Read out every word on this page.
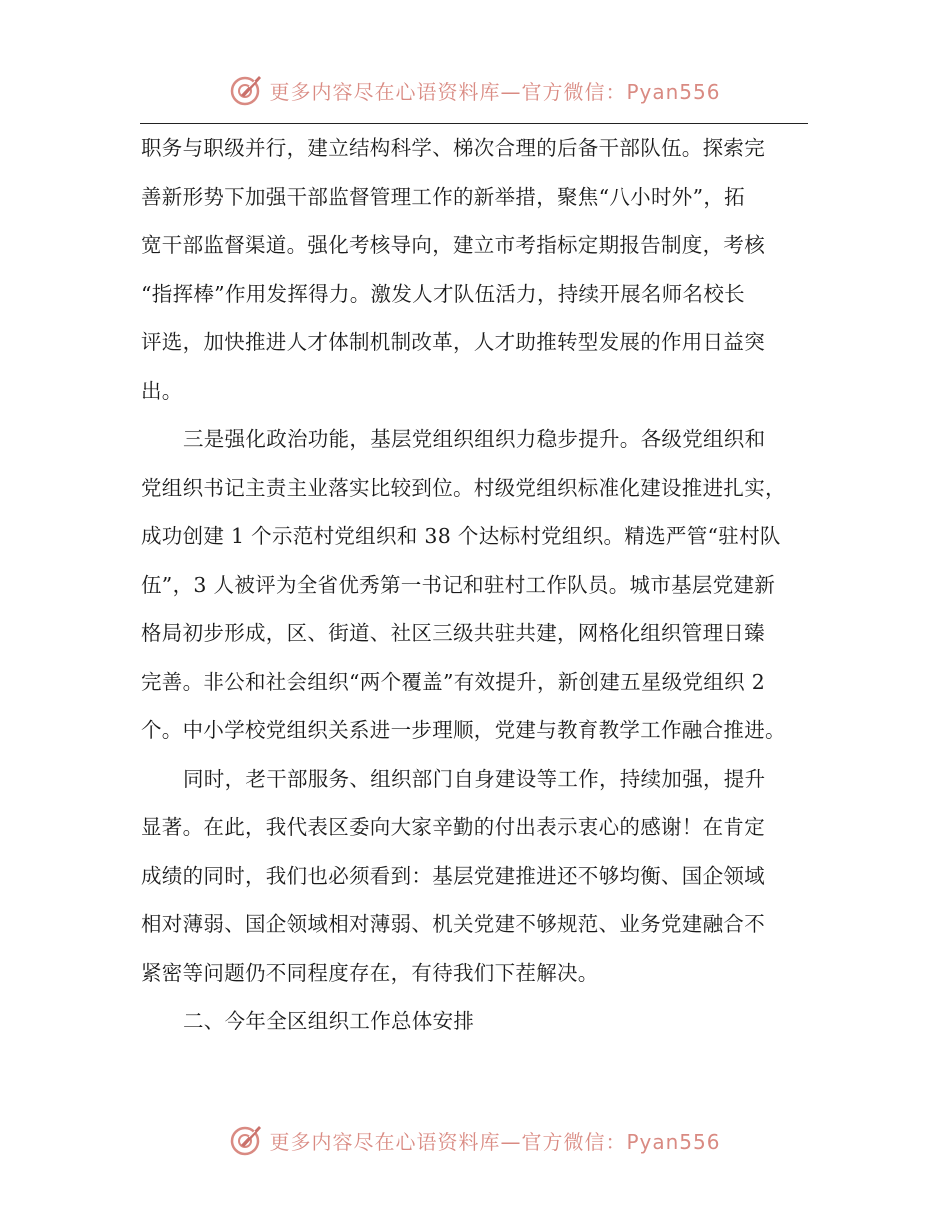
更多内容尽在心语资料库—官方微信：Pyan556
职务与职级并行，建立结构科学、梯次合理的后备干部队伍。探索完
善新形势下加强干部监督管理工作的新举措，聚焦“八小时外”，拓
宽干部监督渠道。强化考核导向，建立市考指标定期报告制度，考核
“指挥棒”作用发挥得力。激发人才队伍活力，持续开展名师名校长
评选，加快推进人才体制机制改革，人才助推转型发展的作用日益突
出。
三是强化政治功能，基层党组织组织力稳步提升。各级党组织和
党组织书记主责主业落实比较到位。村级党组织标准化建设推进扎实，
成功创建 1 个示范村党组织和 38 个达标村党组织。精选严管“驻村队
伍”，3 人被评为全省优秀第一书记和驻村工作队员。城市基层党建新
格局初步形成，区、街道、社区三级共驻共建，网格化组织管理日臻
完善。非公和社会组织“两个覆盖”有效提升，新创建五星级党组织 2
个。中小学校党组织关系进一步理顺，党建与教育教学工作融合推进。
同时，老干部服务、组织部门自身建设等工作，持续加强，提升
显著。在此，我代表区委向大家辛勤的付出表示衷心的感谢！在肯定
成绩的同时，我们也必须看到：基层党建推进还不够均衡、国企领域
相对薄弱、国企领域相对薄弱、机关党建不够规范、业务党建融合不
紧密等问题仍不同程度存在，有待我们下茬解决。
二、今年全区组织工作总体安排
更多内容尽在心语资料库—官方微信：Pyan556
